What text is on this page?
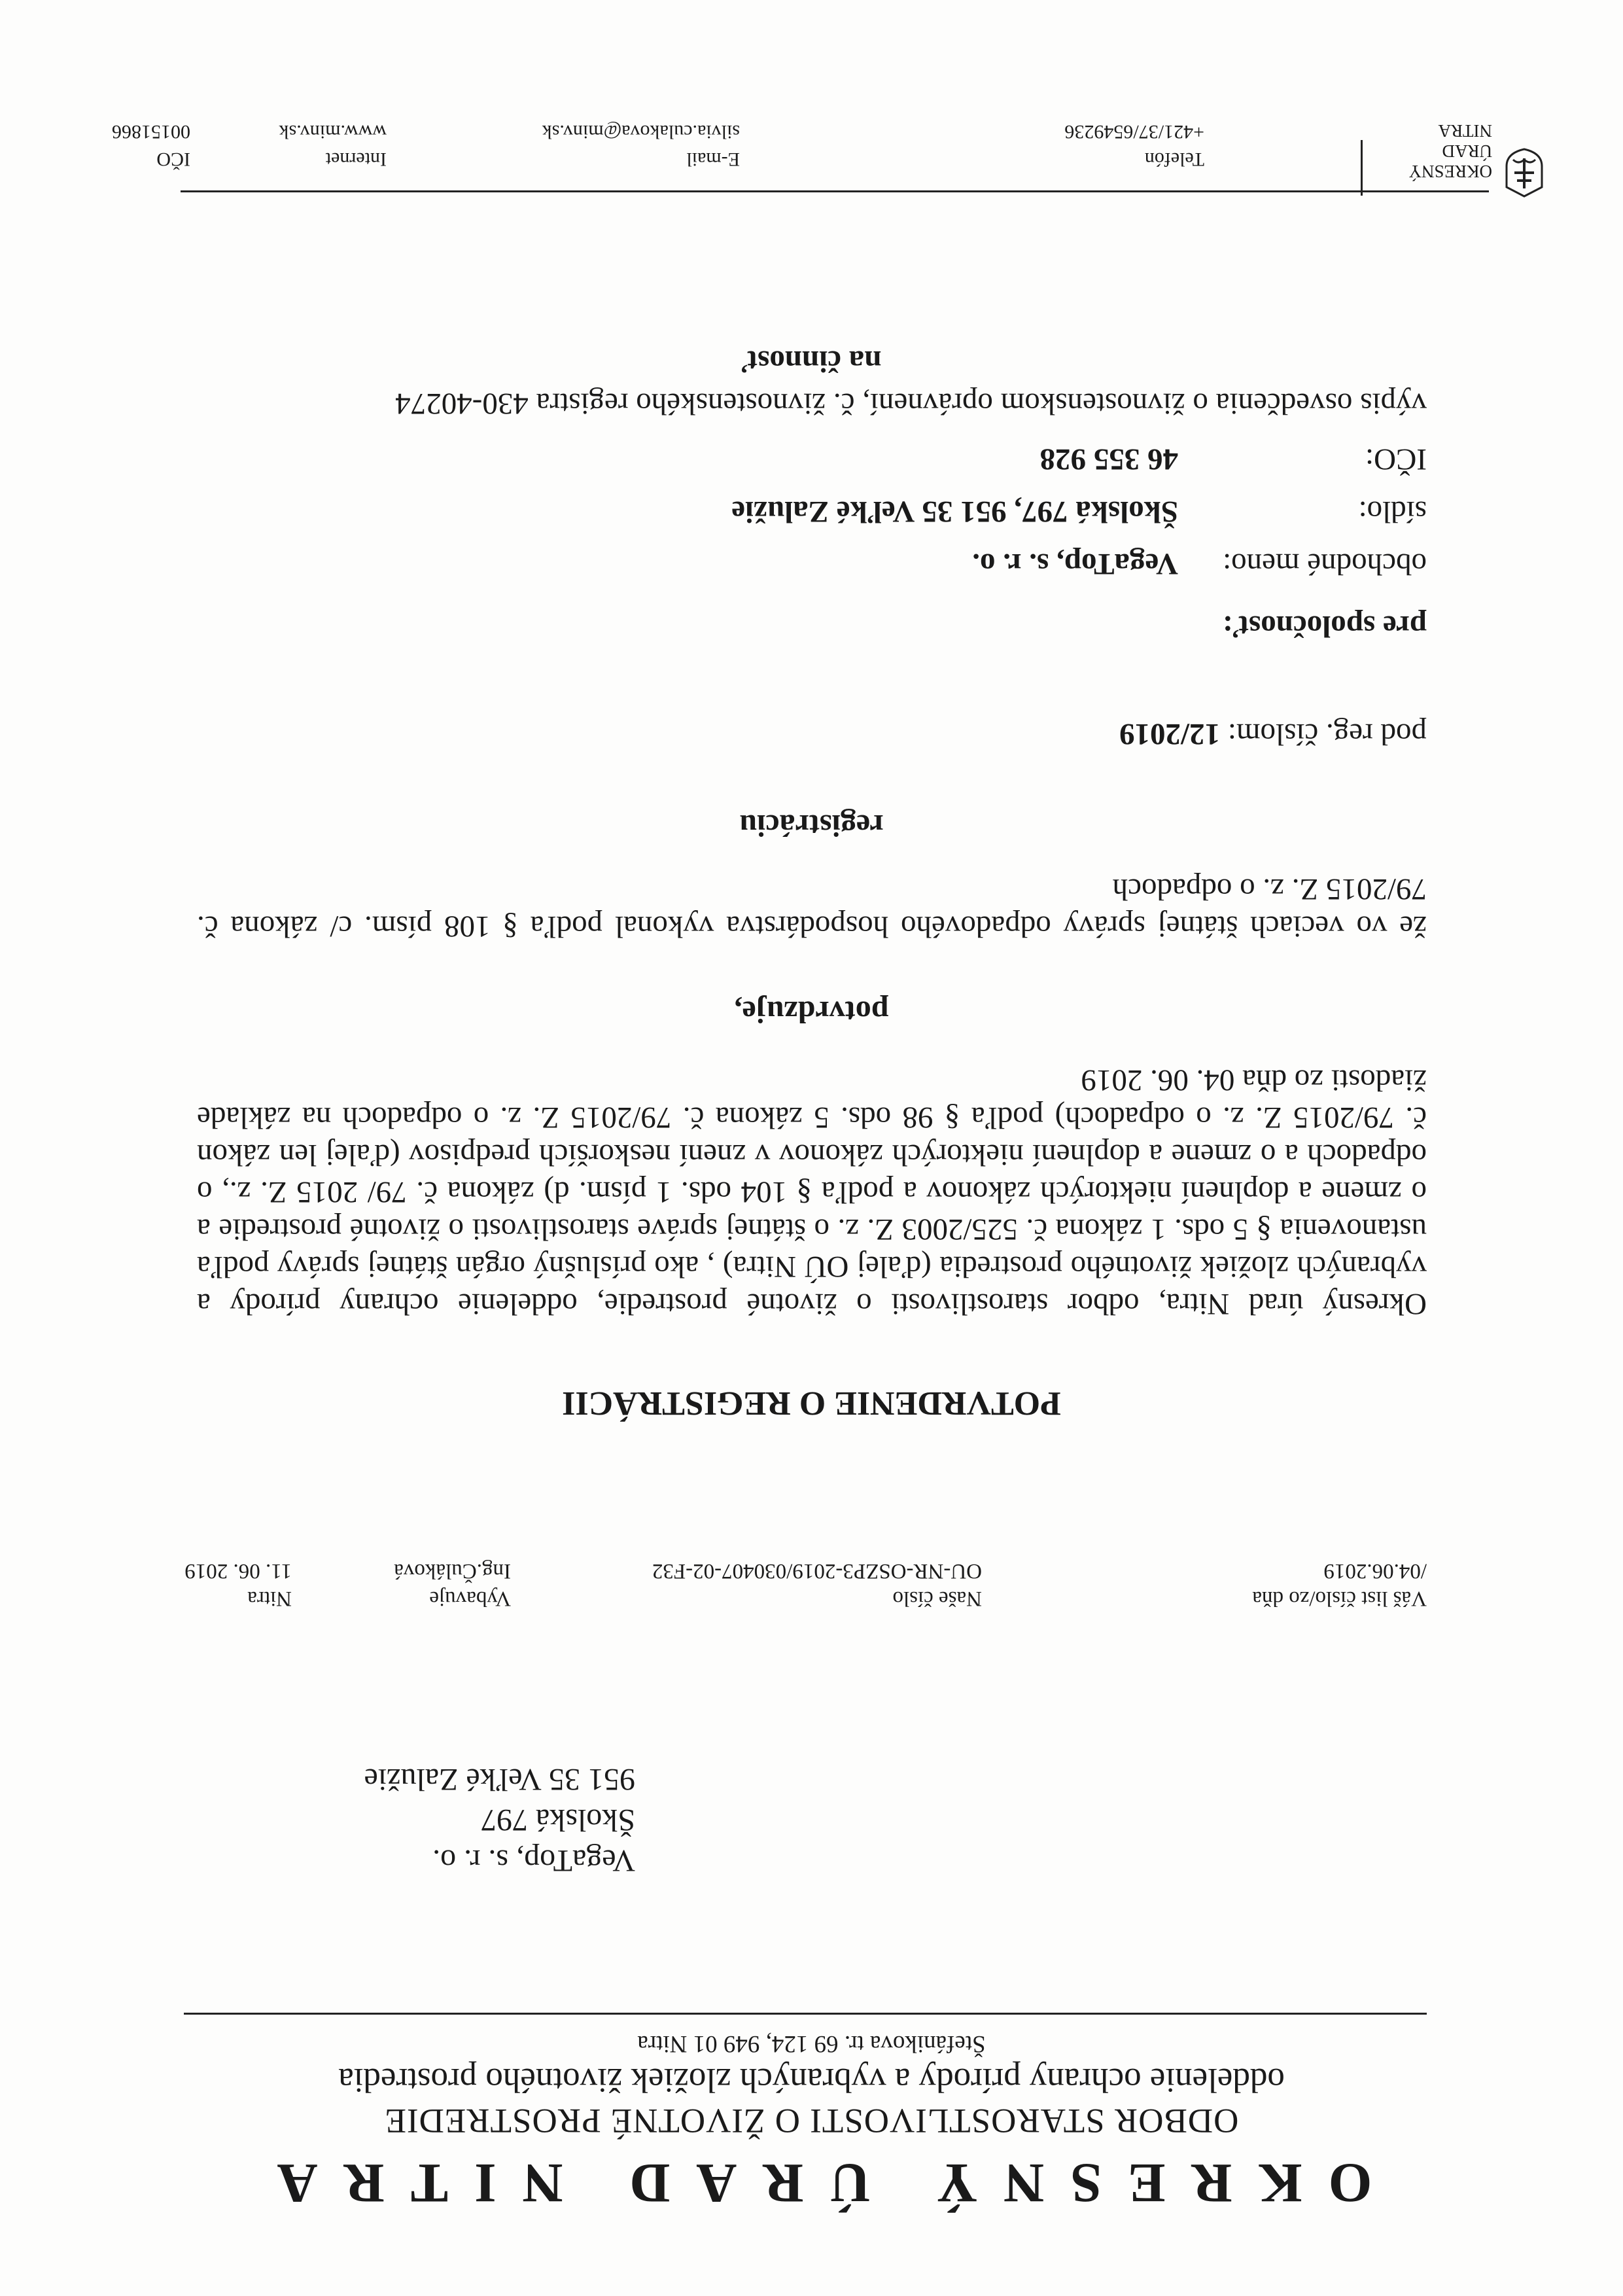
OKRESNÝ ÚRAD NITRA
ODBOR STAROSTLIVOSTI O ŽIVOTNÉ PROSTREDIE
oddelenie ochrany prírody a vybraných zložiek životného prostredia
Štefánikova tr. 69 124, 949 01 Nitra
VegaTop, s. r. o.
Školská 797
951 35 Veľké Zalužie
Váš list číslo/zo dňa
/04.06.2019
Naše číslo
OU-NR-OSZP3-2019/030407-02-F32
Vybavuje
Ing.Čuláková
Nitra
11. 06. 2019
POTVRDENIE O REGISTRÁCII
Okresný úrad Nitra, odbor starostlivosti o životné prostredie, oddelenie ochrany prírody a vybraných zložiek životného prostredia (ďalej OÚ Nitra) , ako príslušný orgán štátnej správy podľa ustanovenia § 5 ods. 1 zákona č. 525/2003 Z. z. o štátnej správe starostlivosti o životné prostredie a o zmene a doplnení niektorých zákonov a podľa § 104 ods. 1 písm. d) zákona č. 79/ 2015 Z. z., o odpadoch a o zmene a doplnení niektorých zákonov v znení neskorších predpisov (ďalej len zákon č. 79/2015 Z. z. o odpadoch) podľa § 98 ods. 5 zákona č. 79/2015 Z. z. o odpadoch na základe žiadosti zo dňa 04. 06. 2019
potvrdzuje,
že vo veciach štátnej správy odpadového hospodárstva vykonal podľa § 108 písm. c/ zákona č. 79/2015 Z. z. o odpadoch
registráciu
pod reg. číslom: 12/2019
pre spoločnosť:
obchodné meno:
VegaTop, s. r. o.
sídlo:
Školská 797, 951 35 Veľké Zalužie
IČO:
46 355 928
výpis osvedčenia o živnostenskom oprávnení, č. živnostenského registra 430-40274
na činnosť
OKRESNÝ
ÚRAD
NITRA
Telefón
+421/37/6549236
E-mail
silvia.culakova@minv.sk
Internet
www.minv.sk
IČO
00151866
